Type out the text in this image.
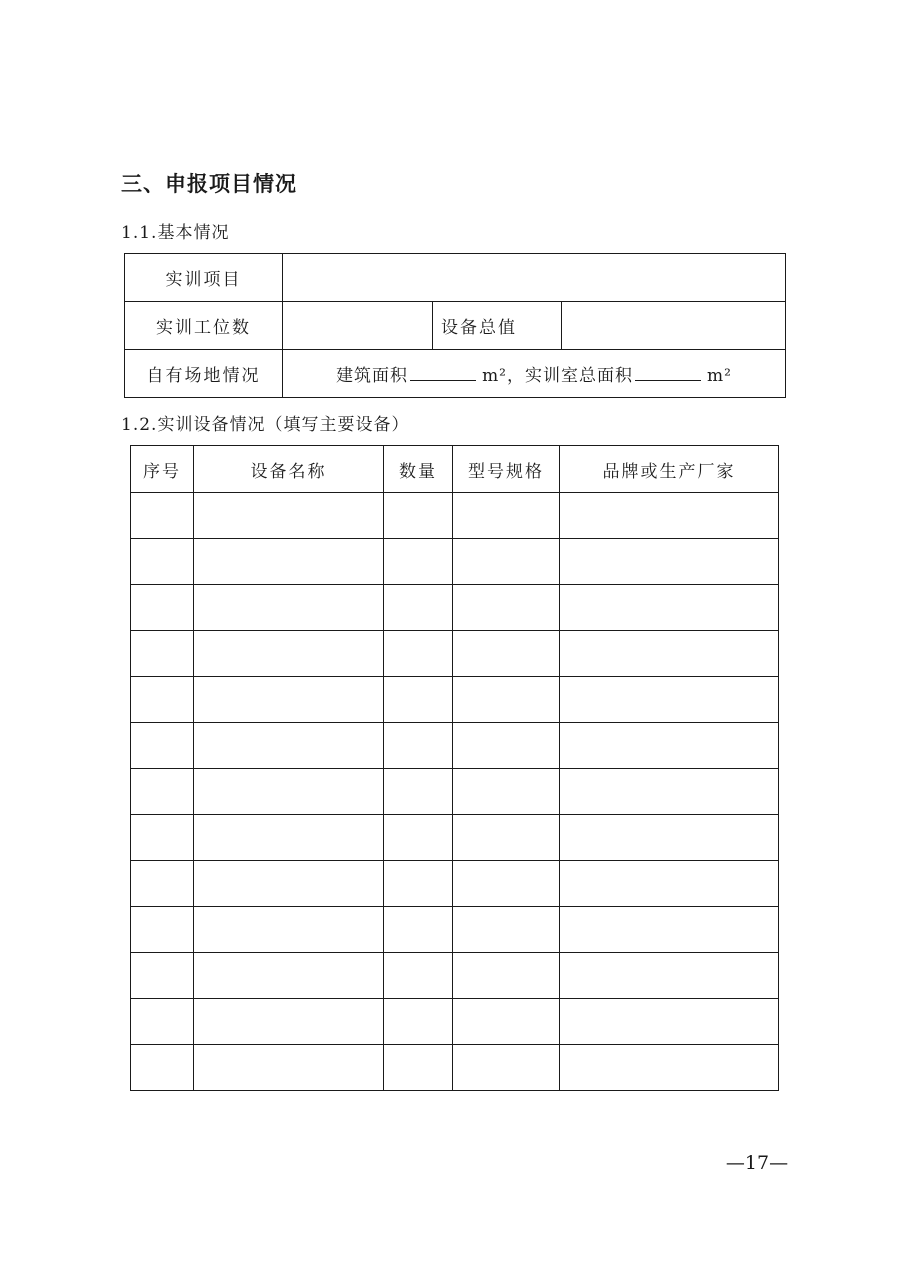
三、申报项目情况
1.1.基本情况
实训项目			
实训工位数		设备总值	
自有场地情况	建筑面积 m²，实训室总面积 m²		
1.2.实训设备情况（填写主要设备）
序号	设备名称	数量	型号规格	品牌或生产厂家

—17—
